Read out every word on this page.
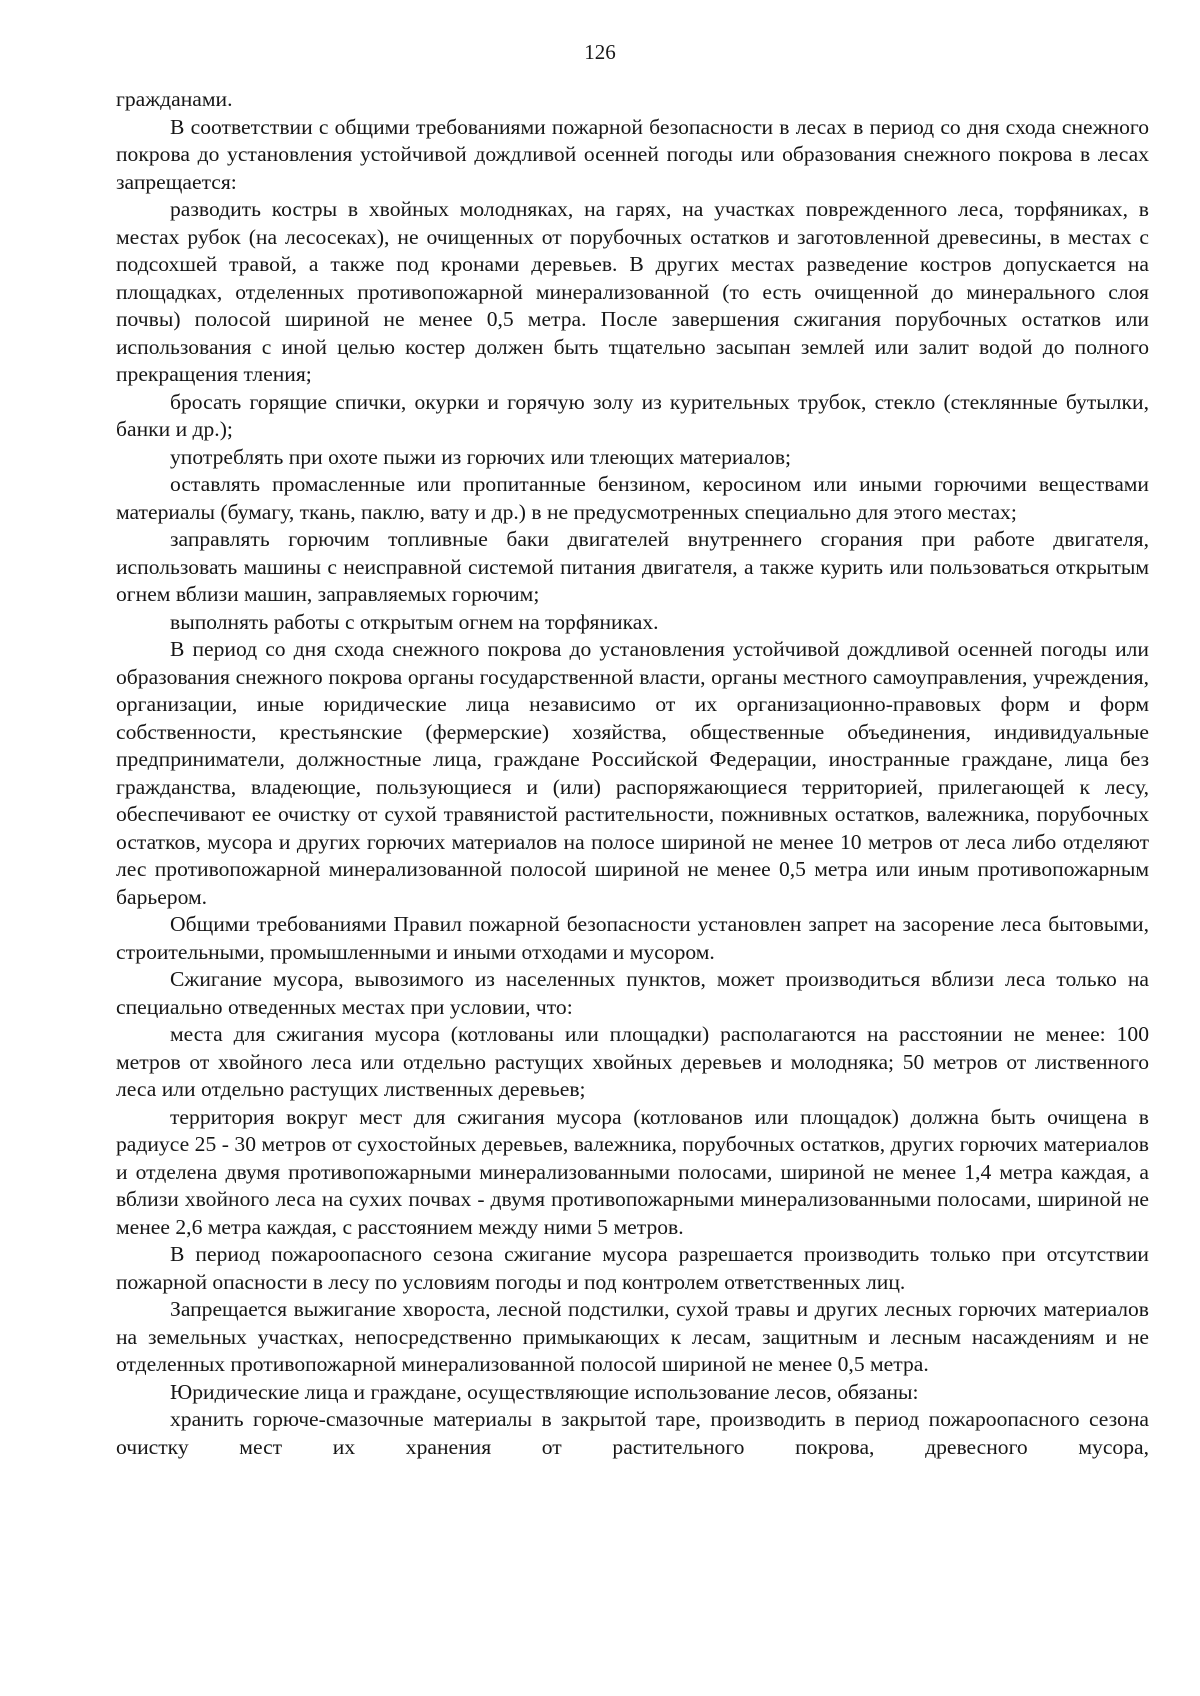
126

гражданами.

В соответствии с общими требованиями пожарной безопасности в лесах в период со дня схода снежного покрова до установления устойчивой дождливой осенней погоды или образования снежного покрова в лесах запрещается:

разводить костры в хвойных молодняках, на гарях, на участках поврежденного леса, торфяниках, в местах рубок (на лесосеках), не очищенных от порубочных остатков и заготовленной древесины, в местах с подсохшей травой, а также под кронами деревьев. В других местах разведение костров допускается на площадках, отделенных противопожарной минерализованной (то есть очищенной до минерального слоя почвы) полосой шириной не менее 0,5 метра. После завершения сжигания порубочных остатков или использования с иной целью костер должен быть тщательно засыпан землей или залит водой до полного прекращения тления;

бросать горящие спички, окурки и горячую золу из курительных трубок, стекло (стеклянные бутылки, банки и др.);

употреблять при охоте пыжи из горючих или тлеющих материалов;

оставлять промасленные или пропитанные бензином, керосином или иными горючими веществами материалы (бумагу, ткань, паклю, вату и др.) в не предусмотренных специально для этого местах;

заправлять горючим топливные баки двигателей внутреннего сгорания при работе двигателя, использовать машины с неисправной системой питания двигателя, а также курить или пользоваться открытым огнем вблизи машин, заправляемых горючим;

выполнять работы с открытым огнем на торфяниках.

В период со дня схода снежного покрова до установления устойчивой дождливой осенней погоды или образования снежного покрова органы государственной власти, органы местного самоуправления, учреждения, организации, иные юридические лица независимо от их организационно-правовых форм и форм собственности, крестьянские (фермерские) хозяйства, общественные объединения, индивидуальные предприниматели, должностные лица, граждане Российской Федерации, иностранные граждане, лица без гражданства, владеющие, пользующиеся и (или) распоряжающиеся территорией, прилегающей к лесу, обеспечивают ее очистку от сухой травянистой растительности, пожнивных остатков, валежника, порубочных остатков, мусора и других горючих материалов на полосе шириной не менее 10 метров от леса либо отделяют лес противопожарной минерализованной полосой шириной не менее 0,5 метра или иным противопожарным барьером.

Общими требованиями Правил пожарной безопасности установлен запрет на засорение леса бытовыми, строительными, промышленными и иными отходами и мусором.

Сжигание мусора, вывозимого из населенных пунктов, может производиться вблизи леса только на специально отведенных местах при условии, что:

места для сжигания мусора (котлованы или площадки) располагаются на расстоянии не менее: 100 метров от хвойного леса или отдельно растущих хвойных деревьев и молодняка; 50 метров от лиственного леса или отдельно растущих лиственных деревьев;

территория вокруг мест для сжигания мусора (котлованов или площадок) должна быть очищена в радиусе 25 - 30 метров от сухостойных деревьев, валежника, порубочных остатков, других горючих материалов и отделена двумя противопожарными минерализованными полосами, шириной не менее 1,4 метра каждая, а вблизи хвойного леса на сухих почвах - двумя противопожарными минерализованными полосами, шириной не менее 2,6 метра каждая, с расстоянием между ними 5 метров.

В период пожароопасного сезона сжигание мусора разрешается производить только при отсутствии пожарной опасности в лесу по условиям погоды и под контролем ответственных лиц.

Запрещается выжигание хвороста, лесной подстилки, сухой травы и других лесных горючих материалов на земельных участках, непосредственно примыкающих к лесам, защитным и лесным насаждениям и не отделенных противопожарной минерализованной полосой шириной не менее 0,5 метра.

Юридические лица и граждане, осуществляющие использование лесов, обязаны:

хранить горюче-смазочные материалы в закрытой таре, производить в период пожароопасного сезона очистку мест их хранения от растительного покрова, древесного мусора,
